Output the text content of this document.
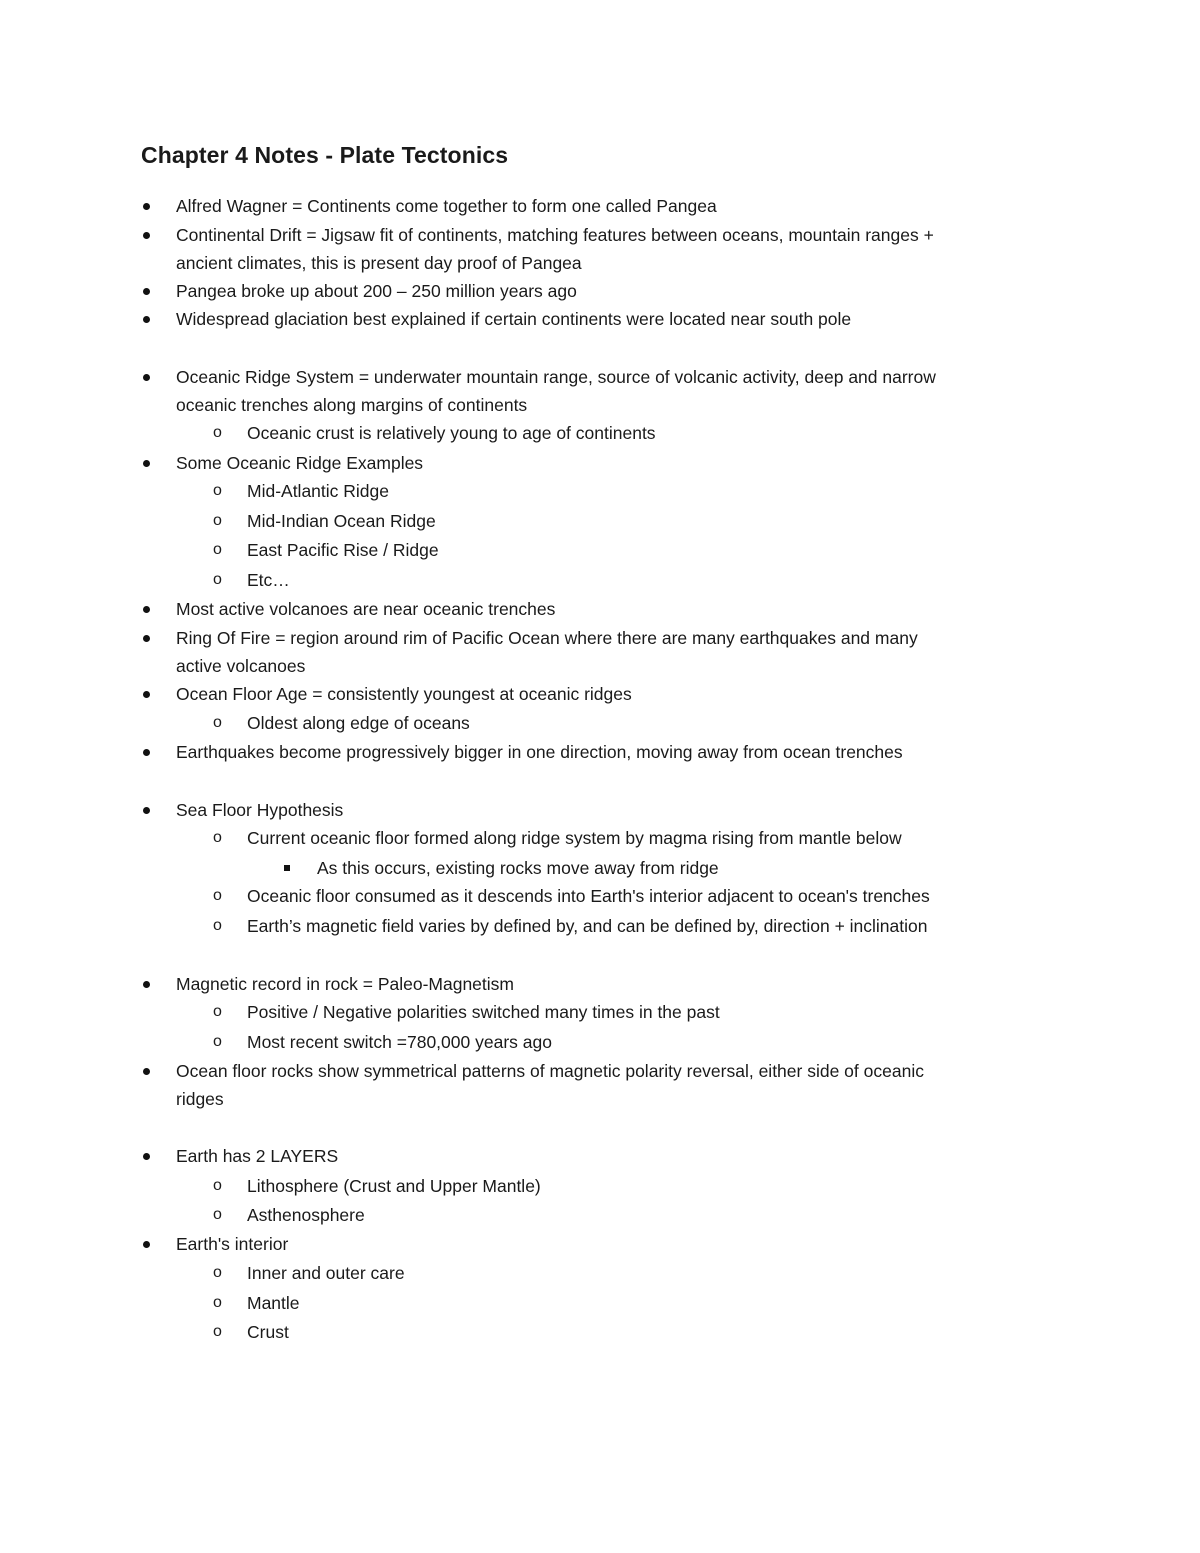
Chapter 4 Notes - Plate Tectonics
Alfred Wagner = Continents come together to form one called Pangea
Continental Drift = Jigsaw fit of continents, matching features between oceans, mountain ranges +
ancient climates, this is present day proof of Pangea
Pangea broke up about 200 – 250 million years ago
Widespread glaciation best explained if certain continents were located near south pole
Oceanic Ridge System = underwater mountain range, source of volcanic activity, deep and narrow
oceanic trenches along margins of continents
o Oceanic crust is relatively young to age of continents
Some Oceanic Ridge Examples
o Mid-Atlantic Ridge
o Mid-Indian Ocean Ridge
o East Pacific Rise / Ridge
o Etc…
Most active volcanoes are near oceanic trenches
Ring Of Fire = region around rim of Pacific Ocean where there are many earthquakes and many
active volcanoes
Ocean Floor Age = consistently youngest at oceanic ridges
o Oldest along edge of oceans
Earthquakes become progressively bigger in one direction, moving away from ocean trenches
Sea Floor Hypothesis
o Current oceanic floor formed along ridge system by magma rising from mantle below
As this occurs, existing rocks move away from ridge
o Oceanic floor consumed as it descends into Earth's interior adjacent to ocean's trenches
o Earth’s magnetic field varies by defined by, and can be defined by, direction + inclination
Magnetic record in rock = Paleo-Magnetism
o Positive / Negative polarities switched many times in the past
o Most recent switch =780,000 years ago
Ocean floor rocks show symmetrical patterns of magnetic polarity reversal, either side of oceanic
ridges
Earth has 2 LAYERS
o Lithosphere (Crust and Upper Mantle)
o Asthenosphere
Earth's interior
o Inner and outer care
o Mantle
o Crust
